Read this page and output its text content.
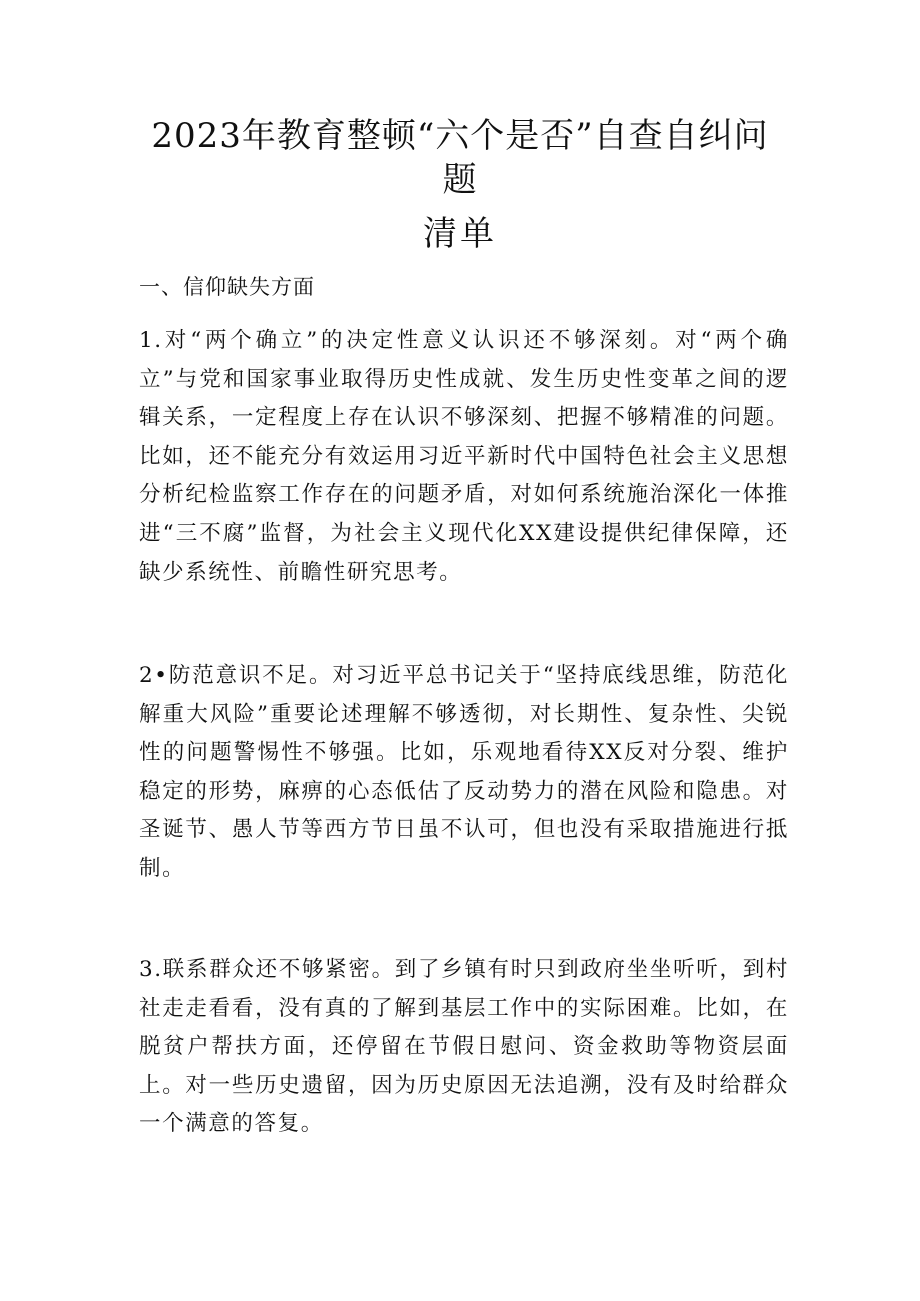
2023年教育整顿“六个是否”自查自纠问
题
清单
一、信仰缺失方面

1.对“两个确立”的决定性意义认识还不够深刻。对“两个确立”与党和国家事业取得历史性成就、发生历史性变革之间的逻辑关系，一定程度上存在认识不够深刻、把握不够精准的问题。比如，还不能充分有效运用习近平新时代中国特色社会主义思想分析纪检监察工作存在的问题矛盾，对如何系统施治深化一体推进“三不腐”监督，为社会主义现代化XX建设提供纪律保障，还缺少系统性、前瞻性研究思考。

2•防范意识不足。对习近平总书记关于“坚持底线思维，防范化解重大风险”重要论述理解不够透彻，对长期性、复杂性、尖锐性的问题警惕性不够强。比如，乐观地看待XX反对分裂、维护稳定的形势，麻痹的心态低估了反动势力的潜在风险和隐患。对圣诞节、愚人节等西方节日虽不认可，但也没有采取措施进行抵制。

3.联系群众还不够紧密。到了乡镇有时只到政府坐坐听听，到村社走走看看，没有真的了解到基层工作中的实际困难。比如，在脱贫户帮扶方面，还停留在节假日慰问、资金救助等物资层面上。对一些历史遗留，因为历史原因无法追溯，没有及时给群众一个满意的答复。
